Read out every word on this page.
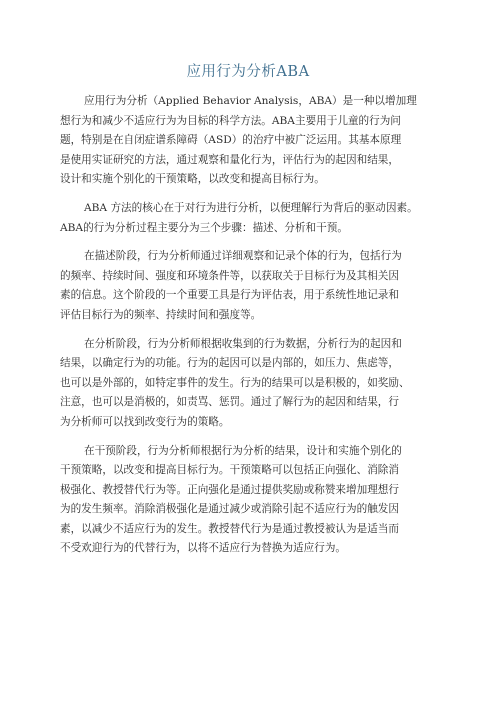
应用行为分析ABA

应用行为分析（Applied Behavior Analysis，ABA）是一种以增加理
想行为和减少不适应行为为目标的科学方法。ABA主要用于儿童的行为问
题，特别是在自闭症谱系障碍（ASD）的治疗中被广泛运用。其基本原理
是使用实证研究的方法，通过观察和量化行为，评估行为的起因和结果，
设计和实施个别化的干预策略，以改变和提高目标行为。

ABA 方法的核心在于对行为进行分析，以便理解行为背后的驱动因素。
ABA的行为分析过程主要分为三个步骤：描述、分析和干预。

在描述阶段，行为分析师通过详细观察和记录个体的行为，包括行为
的频率、持续时间、强度和环境条件等，以获取关于目标行为及其相关因
素的信息。这个阶段的一个重要工具是行为评估表，用于系统性地记录和
评估目标行为的频率、持续时间和强度等。

在分析阶段，行为分析师根据收集到的行为数据，分析行为的起因和
结果，以确定行为的功能。行为的起因可以是内部的，如压力、焦虑等，
也可以是外部的，如特定事件的发生。行为的结果可以是积极的，如奖励、
注意，也可以是消极的，如责骂、惩罚。通过了解行为的起因和结果，行
为分析师可以找到改变行为的策略。

在干预阶段，行为分析师根据行为分析的结果，设计和实施个别化的
干预策略，以改变和提高目标行为。干预策略可以包括正向强化、消除消
极强化、教授替代行为等。正向强化是通过提供奖励或称赞来增加理想行
为的发生频率。消除消极强化是通过减少或消除引起不适应行为的触发因
素，以减少不适应行为的发生。教授替代行为是通过教授被认为是适当而
不受欢迎行为的代替行为，以将不适应行为替换为适应行为。
